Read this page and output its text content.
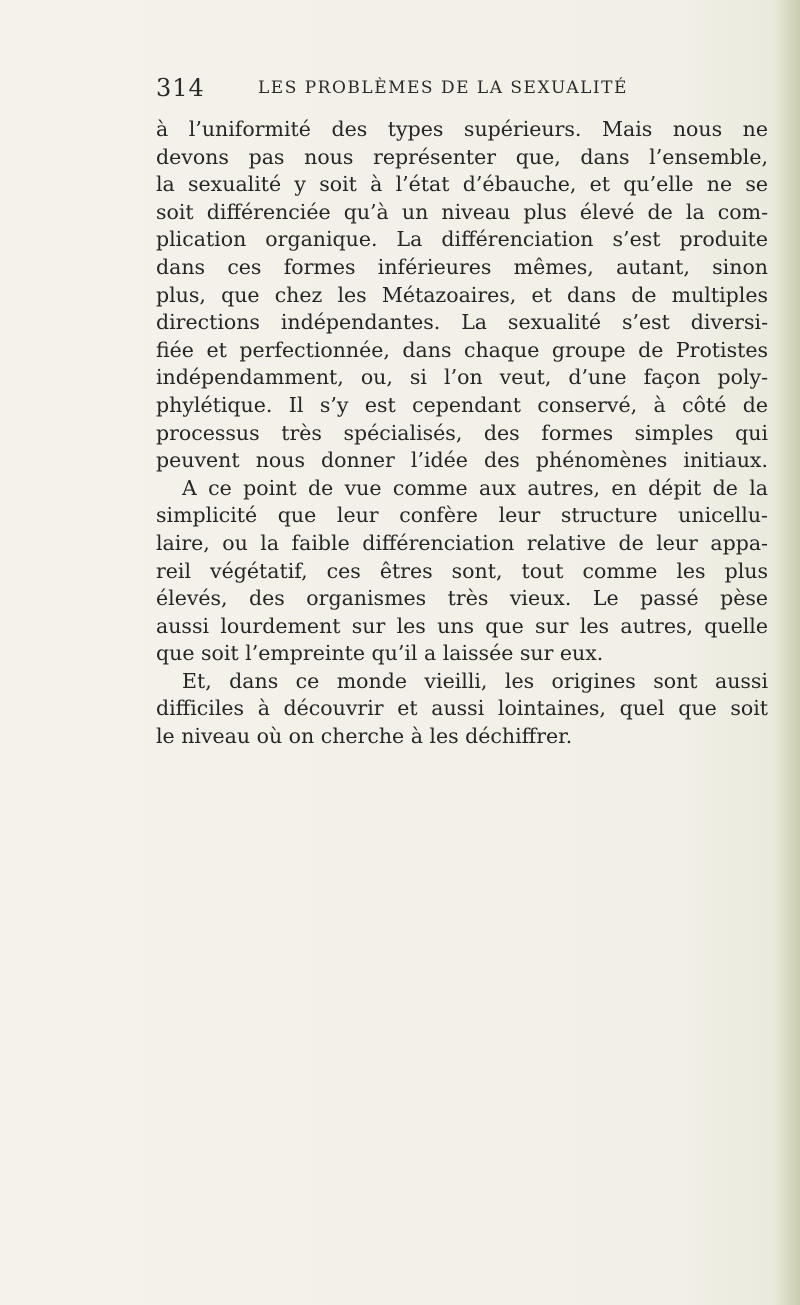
314	LES PROBLÈMES DE LA SEXUALITÉ
à l’uniformité des types supérieurs. Mais nous ne
devons pas nous représenter que, dans l’ensemble,
la sexualité y soit à l’état d’ébauche, et qu’elle ne se
soit différenciée qu’à un niveau plus élevé de la com-
plication organique. La différenciation s’est produite
dans ces formes inférieures mêmes, autant, sinon
plus, que chez les Métazoaires, et dans de multiples
directions indépendantes. La sexualité s’est diversi-
fiée et perfectionnée, dans chaque groupe de Protistes
indépendamment, ou, si l’on veut, d’une façon poly-
phylétique. Il s’y est cependant conservé, à côté de
processus très spécialisés, des formes simples qui
peuvent nous donner l’idée des phénomènes initiaux.
A ce point de vue comme aux autres, en dépit de la
simplicité que leur confère leur structure unicellu-
laire, ou la faible différenciation relative de leur appa-
reil végétatif, ces êtres sont, tout comme les plus
élevés, des organismes très vieux. Le passé pèse
aussi lourdement sur les uns que sur les autres, quelle
que soit l’empreinte qu’il a laissée sur eux.
Et, dans ce monde vieilli, les origines sont aussi
difficiles à découvrir et aussi lointaines, quel que soit
le niveau où on cherche à les déchiffrer.
